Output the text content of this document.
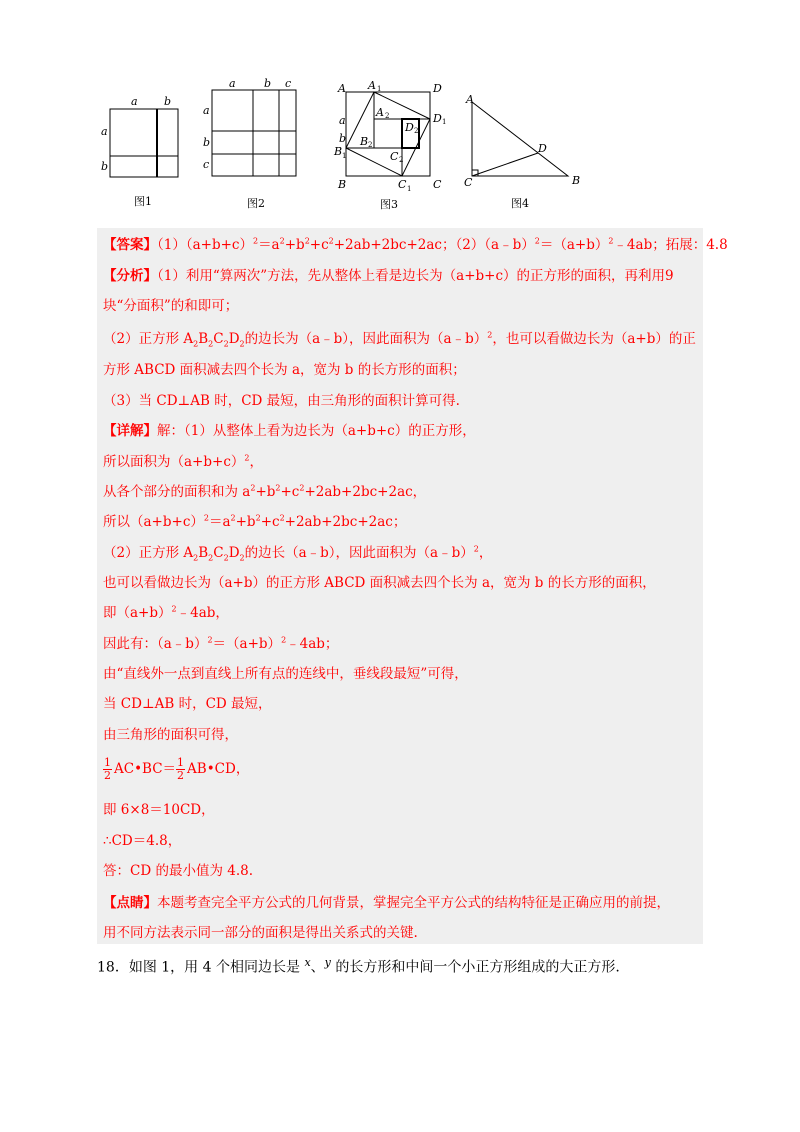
a b
a
b
图1
a	b c
a
b
c
图2
A A 1	D
D 1
A 2
D 2
B 2
C 2
B 1
C 1
B	C
a
b
图3
A
D
C	B
图4
【答案】$(1)(a+b+c)^2=a^2+b^2+c^2+2ab+2bc+2ac$；$(2)(a﹣b)^2=(a+b)^2﹣4ab$；拓展：4.8
【分析】（1）利用“算两次”方法，先从整体上看是边长为（a+b+c）的正方形的面积，再利用9
块“分面积”的和即可；
（2）正方形 $A_2B_2C_2D_2$的边长为（a﹣b），因此面积为（a﹣b）$^2$，也可以看做边长为（a+b）的正
方形 ABCD 面积减去四个长为 a，宽为 b 的长方形的面积；
（3）当 CD⊥AB 时，CD 最短，由三角形的面积计算可得.
【详解】解：（1）从整体上看为边长为（a+b+c）的正方形，
所以面积为$(a+b+c)^2$，
从各个部分的面积和为 $a^2+b^2+c^2+2ab+2bc+2ac$，
所以$(a+b+c)^2=a^2+b^2+c^2+2ab+2bc+2ac$；
（2）正方形 $A_2B_2C_2D_2$的边长（a﹣b），因此面积为（a﹣b）$^2$，
也可以看做边长为（a+b）的正方形 ABCD 面积减去四个长为 a，宽为 b 的长方形的面积，
即$(a+b)^2﹣4ab$，
因此有：$(a﹣b)^2=(a+b)^2﹣4ab$；
由“直线外一点到直线上所有点的连线中，垂线段最短”可得，
当 CD⊥AB 时，CD 最短，
由三角形的面积可得，
$\frac{1}{2}$ AC•BC＝ $\frac{1}{2}$ AB•CD，
即 6×8＝10CD，
∴CD＝4.8，
答：CD 的最小值为 4.8.
【点睛】本题考查完全平方公式的几何背景，掌握完全平方公式的结构特征是正确应用的前提，
用不同方法表示同一部分的面积是得出关系式的关键.
18．如图 1，用 4 个相同边长是 $^x$、$^y$ 的长方形和中间一个小正方形组成的大正方形.
